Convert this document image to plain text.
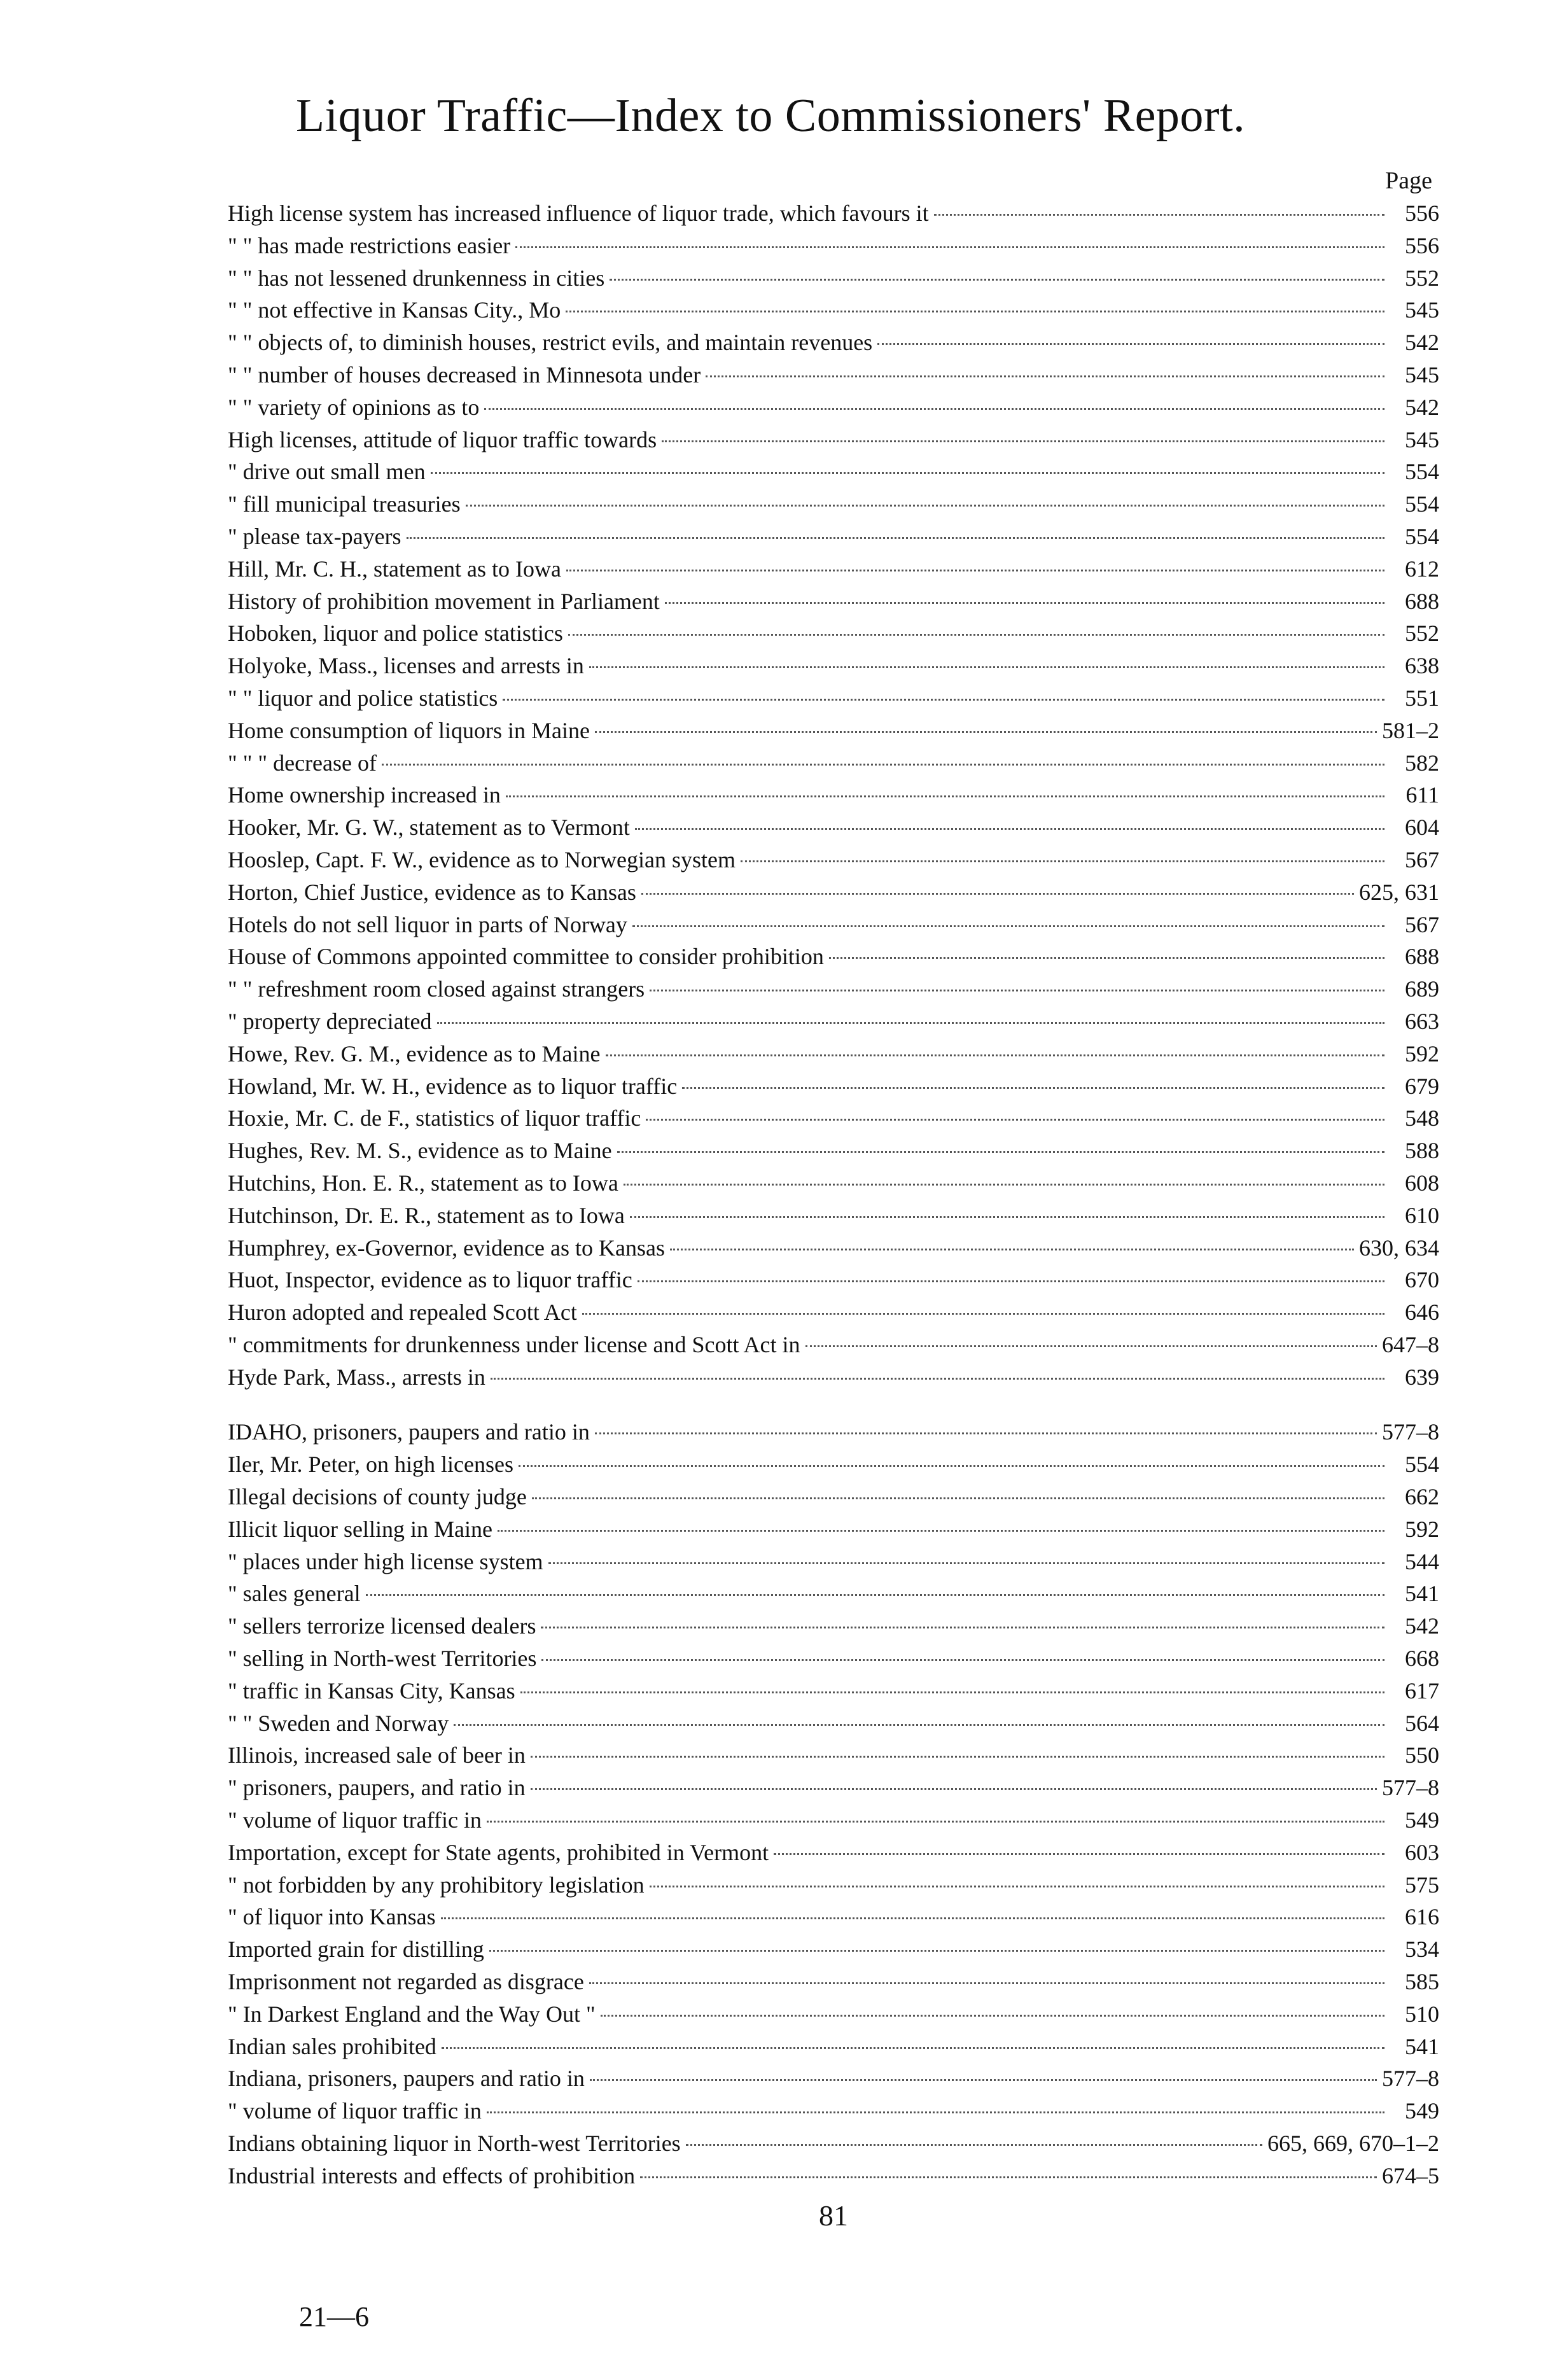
Liquor Traffic—Index to Commissioners' Report.
Page
High license system has increased influence of liquor trade, which favours it	556
" " has made restrictions easier	556
" " has not lessened drunkenness in cities	552
" " not effective in Kansas City., Mo	545
" " objects of, to diminish houses, restrict evils, and maintain revenues	542
" " number of houses decreased in Minnesota under	545
" " variety of opinions as to	542
High licenses, attitude of liquor traffic towards	545
" drive out small men	554
" fill municipal treasuries	554
" please tax-payers	554
Hill, Mr. C. H., statement as to Iowa	612
History of prohibition movement in Parliament	688
Hoboken, liquor and police statistics	552
Holyoke, Mass., licenses and arrests in	638
" " liquor and police statistics	551
Home consumption of liquors in Maine	581–2
" " " decrease of	582
Home ownership increased in	611
Hooker, Mr. G. W., statement as to Vermont	604
Hooslep, Capt. F. W., evidence as to Norwegian system	567
Horton, Chief Justice, evidence as to Kansas	625, 631
Hotels do not sell liquor in parts of Norway	567
House of Commons appointed committee to consider prohibition	688
" " refreshment room closed against strangers	689
" property depreciated	663
Howe, Rev. G. M., evidence as to Maine	592
Howland, Mr. W. H., evidence as to liquor traffic	679
Hoxie, Mr. C. de F., statistics of liquor traffic	548
Hughes, Rev. M. S., evidence as to Maine	588
Hutchins, Hon. E. R., statement as to Iowa	608
Hutchinson, Dr. E. R., statement as to Iowa	610
Humphrey, ex-Governor, evidence as to Kansas	630, 634
Huot, Inspector, evidence as to liquor traffic	670
Huron adopted and repealed Scott Act	646
" commitments for drunkenness under license and Scott Act in	647–8
Hyde Park, Mass., arrests in	639
IDAHO, prisoners, paupers and ratio in	577–8
Iler, Mr. Peter, on high licenses	554
Illegal decisions of county judge	662
Illicit liquor selling in Maine	592
" places under high license system	544
" sales general	541
" sellers terrorize licensed dealers	542
" selling in North-west Territories	668
" traffic in Kansas City, Kansas	617
" " Sweden and Norway	564
Illinois, increased sale of beer in	550
" prisoners, paupers, and ratio in	577–8
" volume of liquor traffic in	549
Importation, except for State agents, prohibited in Vermont	603
" not forbidden by any prohibitory legislation	575
" of liquor into Kansas	616
Imported grain for distilling	534
Imprisonment not regarded as disgrace	585
" In Darkest England and the Way Out "	510
Indian sales prohibited	541
Indiana, prisoners, paupers and ratio in	577–8
" volume of liquor traffic in	549
Indians obtaining liquor in North-west Territories	665, 669, 670–1–2
Industrial interests and effects of prohibition	674–5
81
21—6
